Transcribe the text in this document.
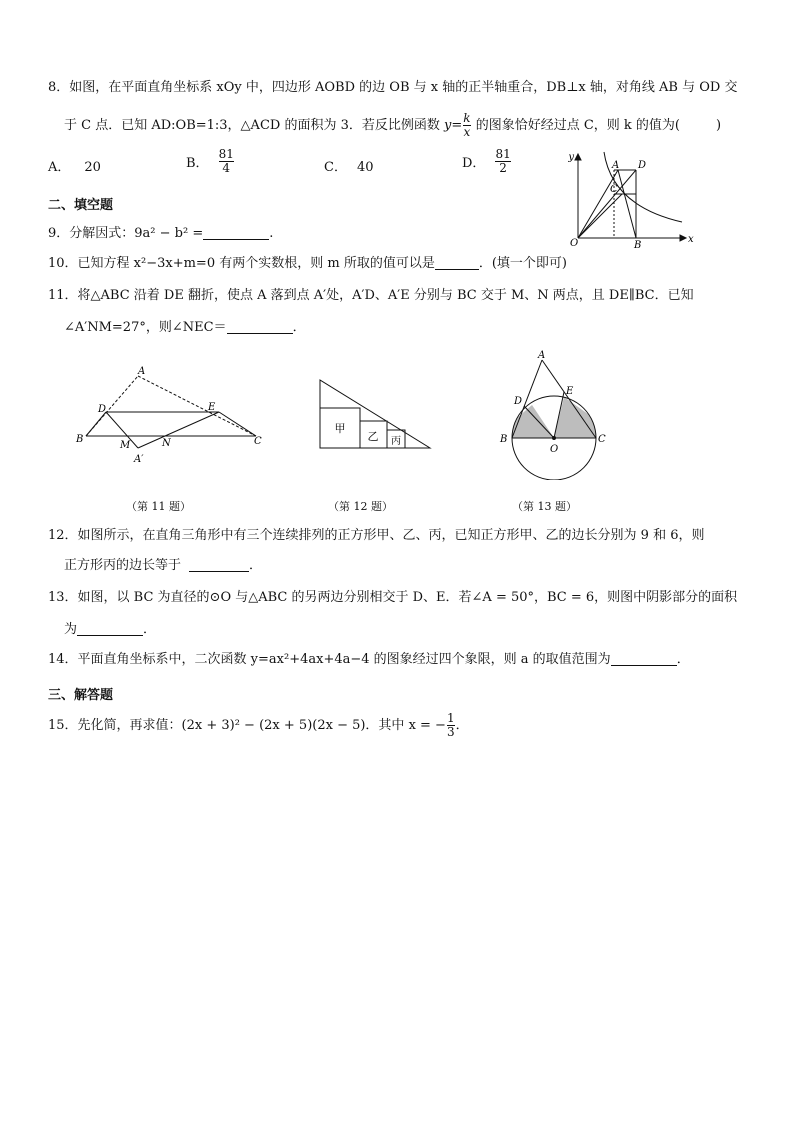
8．如图，在平面直角坐标系 xOy 中，四边形 AOBD 的边 OB 与 x 轴的正半轴重合，DB⊥x 轴，对角线 AB 与 OD 交
于 C 点．已知 AD:OB=1:3，△ACD 的面积为 3．若反比例函数 $y= \frac{k}{x}$ 的图象恰好经过点 C，则 k 的值为(	)
A． 20	B． $\frac{81}{4}$	C． 40	D． $\frac{81}{2}$	y
x
O
A D
C
B
二、填空题
9．分解因式：9a² − b² =	.
10．已知方程 x²−3x+m=0 有两个实数根，则 m 所取的值可以是	．(填一个即可)
11．将△ABC 沿着 DE 翻折，使点 A 落到点 A′处，A′D、A′E 分别与 BC 交于 M、N 两点，且 DE∥BC．已知
∠A′NM=27°，则∠NEC＝	．
A
D	E
B	C
M	N
A′
（第 11 题）
甲
乙 丙
（第 12 题）
A
D
E
B	C
O
（第 13 题）
12．如图所示，在直角三角形中有三个连续排列的正方形甲、乙、丙，已知正方形甲、乙的边长分别为 9 和 6，则
正方形丙的边长等于	．
13．如图，以 BC 为直径的⊙O 与△ABC 的另两边分别相交于 D、E．若∠A = 50°，BC = 6，则图中阴影部分的面积
为	．
14．平面直角坐标系中，二次函数 y=ax²+4ax+4a−4 的图象经过四个象限，则 a 的取值范围为	．
三、解答题
15．先化简，再求值：(2x + 3)² − (2x + 5)(2x − 5)．其中 x = − $\frac{1}{3}$ ．
